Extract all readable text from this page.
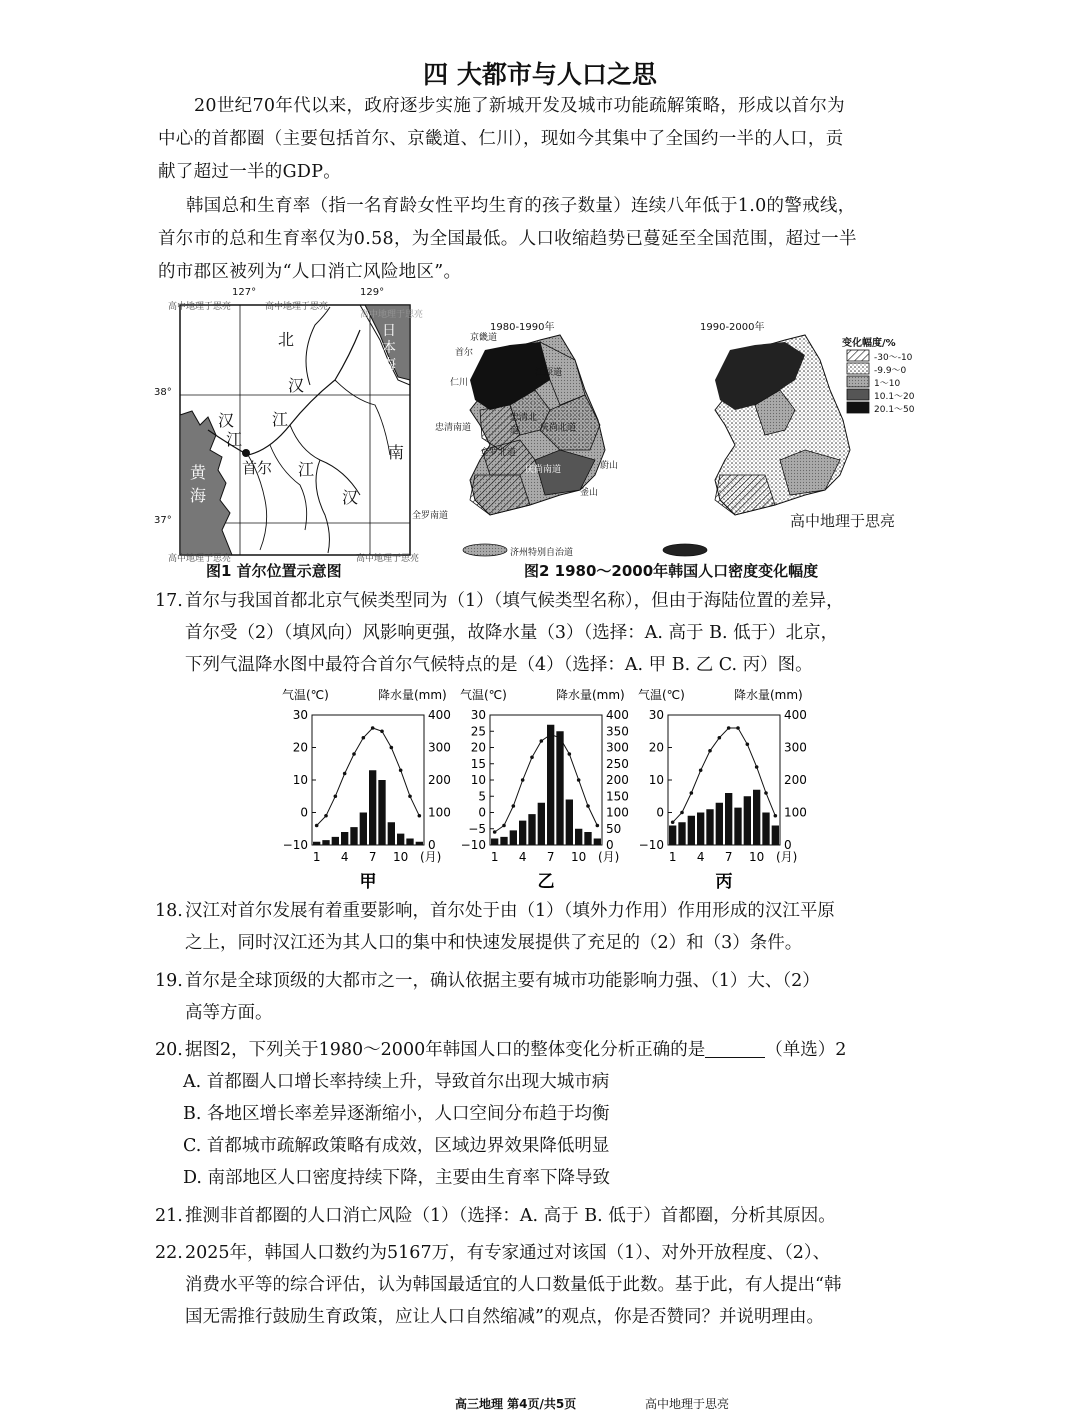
四 大都市与人口之思
20世纪70年代以来，政府逐步实施了新城开发及城市功能疏解策略，形成以首尔为
中心的首都圈（主要包括首尔、京畿道、仁川），现如今其集中了全国约一半的人口，贡
献了超过一半的GDP。
韩国总和生育率（指一名育龄女性平均生育的孩子数量）连续八年低于1.0的警戒线，
首尔市的总和生育率仅为0.58，为全国最低。人口收缩趋势已蔓延至全国范围，超过一半
的市郡区被列为“人口消亡风险地区”。
高中地理于思亮	高中地理于思亮
高中地理于思亮
127°	129°
38°
37°
北
汉
汉
江
江
江
汉
南
首尔
黄
海
日本海
高中地理于思亮	高中地理于思亮
图1 首尔位置示意图
1980-1990年	1990-2000年
京畿道
首尔
仁川
江原道
忠清北道
忠清南道	庆尚北道
全罗北道
庆尚南道	蔚山
釜山
全罗南道
济州特别自治道
变化幅度/%
-30～-10
-9.9～0
1～10
10.1～20
20.1～50
高中地理于思亮
图2 1980～2000年韩国人口密度变化幅度
17. 首尔与我国首都北京气候类型同为（1）（填气候类型名称），但由于海陆位置的差异，
首尔受（2）（填风向）风影响更强，故降水量（3）（选择：A. 高于 B. 低于）北京，
下列气温降水图中最符合首尔气候特点的是（4）（选择：A. 甲 B. 乙 C. 丙）图。
气温(℃)	降水量(mm)
30
20
10
0
−10
400
300
200
100
0
1 4 7 10 (月)
甲
气温(℃)	降水量(mm)
30
25
20
15
10
5
0
−5
−10
400
350
300
250
200
150
100
50
0
1 4 7 10 (月)
乙
气温(℃)	降水量(mm)
30
20
10
0
−10
400
300
200
100
0
1 4 7 10 (月)
丙
18. 汉江对首尔发展有着重要影响，首尔处于由（1）（填外力作用）作用形成的汉江平原
之上，同时汉江还为其人口的集中和快速发展提供了充足的（2）和（3）条件。
19. 首尔是全球顶级的大都市之一，确认依据主要有城市功能影响力强、（1）大、（2）
高等方面。
20. 据图2，下列关于1980～2000年韩国人口的整体变化分析正确的是	（单选）2
A. 首都圈人口增长率持续上升，导致首尔出现大城市病
B. 各地区增长率差异逐渐缩小，人口空间分布趋于均衡
C. 首都城市疏解政策略有成效，区域边界效果降低明显
D. 南部地区人口密度持续下降，主要由生育率下降导致
21. 推测非首都圈的人口消亡风险（1）（选择：A. 高于 B. 低于）首都圈，分析其原因。
22. 2025年，韩国人口数约为5167万，有专家通过对该国（1）、对外开放程度、（2）、
消费水平等的综合评估，认为韩国最适宜的人口数量低于此数。基于此，有人提出“韩
国无需推行鼓励生育政策，应让人口自然缩减”的观点，你是否赞同？并说明理由。
高三地理 第4页/共5页	高中地理于思亮
